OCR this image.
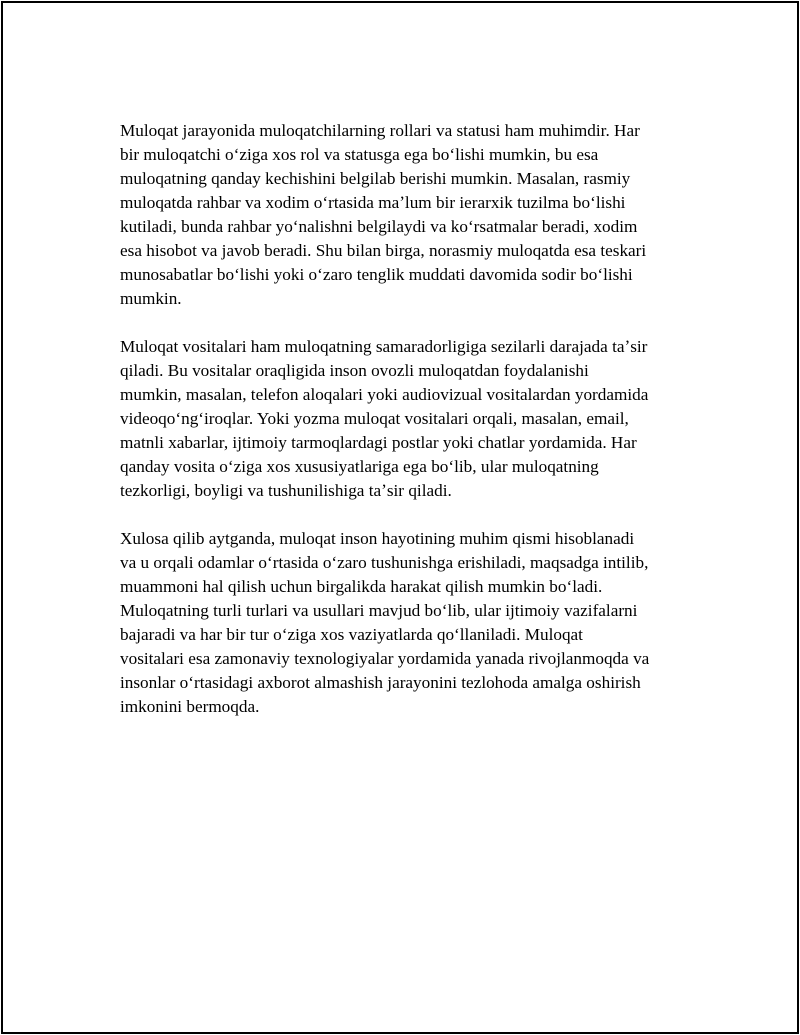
Muloqat jarayonida muloqatchilarning rollari va statusi ham muhimdir. Har
bir muloqatchi oʻziga xos rol va statusga ega boʻlishi mumkin, bu esa
muloqatning qanday kechishini belgilab berishi mumkin. Masalan, rasmiy
muloqatda rahbar va xodim oʻrtasida maʼlum bir ierarxik tuzilma boʻlishi
kutiladi, bunda rahbar yoʻnalishni belgilaydi va koʻrsatmalar beradi, xodim
esa hisobot va javob beradi. Shu bilan birga, norasmiy muloqatda esa teskari
munosabatlar boʻlishi yoki oʻzaro tenglik muddati davomida sodir boʻlishi
mumkin.

Muloqat vositalari ham muloqatning samaradorligiga sezilarli darajada taʼsir
qiladi. Bu vositalar oraqligida inson ovozli muloqatdan foydalanishi
mumkin, masalan, telefon aloqalari yoki audiovizual vositalardan yordamida
videoqoʻngʻiroqlar. Yoki yozma muloqat vositalari orqali, masalan, email,
matnli xabarlar, ijtimoiy tarmoqlardagi postlar yoki chatlar yordamida. Har
qanday vosita oʻziga xos xususiyatlariga ega boʻlib, ular muloqatning
tezkorligi, boyligi va tushunilishiga taʼsir qiladi.

Xulosa qilib aytganda, muloqat inson hayotining muhim qismi hisoblanadi
va u orqali odamlar oʻrtasida oʻzaro tushunishga erishiladi, maqsadga intilib,
muammoni hal qilish uchun birgalikda harakat qilish mumkin boʻladi.
Muloqatning turli turlari va usullari mavjud boʻlib, ular ijtimoiy vazifalarni
bajaradi va har bir tur oʻziga xos vaziyatlarda qoʻllaniladi. Muloqat
vositalari esa zamonaviy texnologiyalar yordamida yanada rivojlanmoqda va
insonlar oʻrtasidagi axborot almashish jarayonini tezlohoda amalga oshirish
imkonini bermoqda.
